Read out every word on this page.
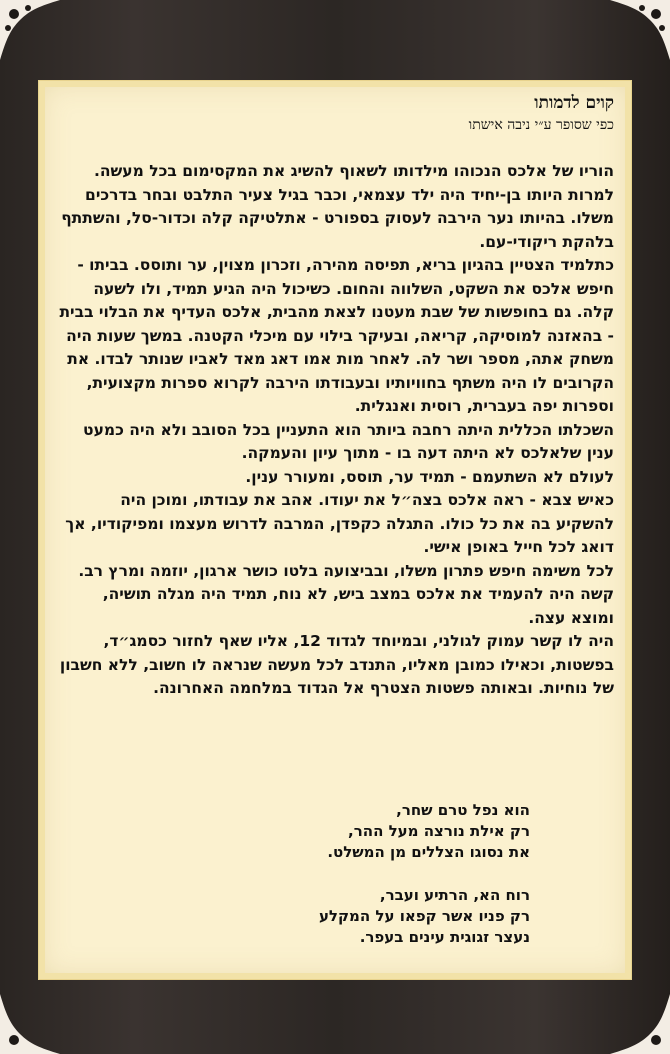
קוים לדמותו

כפי שסופר ע״י ניבה אישתו

הוריו של אלכס הנכוהו מילדותו לשאוף להשיג את המקסימום בכל מעשה. למרות היותו בן-יחיד היה ילד עצמאי, וכבר בגיל צעיר התלבט ובחר בדרכים משלו. בהיותו נער הירבה לעסוק בספורט - אתלטיקה קלה וכדור-סל, והשתתף בלהקת ריקודי-עם.

כתלמיד הצטיין בהגיון בריא, תפיסה מהירה, וזכרון מצוין, ער ותוסס. בביתו - חיפש אלכס את השקט, השלווה והחום. כשיכול היה הגיע תמיד, ולו לשעה קלה. גם בחופשות של שבת מעטנו לצאת מהבית, אלכס העדיף את הבלוי בבית - בהאזנה למוסיקה, קריאה, ובעיקר בילוי עם מיכלי הקטנה. במשך שעות היה משחק אתה, מספר ושר לה. לאחר מות אמו דאג מאד לאביו שנותר לבדו. את הקרובים לו היה משתף בחוויותיו ובעבודתו הירבה לקרוא ספרות מקצועית, וספרות יפה בעברית, רוסית ואנגלית.

השכלתו הכללית היתה רחבה ביותר הוא התעניין בכל הסובב ולא היה כמעט ענין שלאלכס לא היתה דעה בו - מתוך עיון והעמקה.

לעולם לא השתעמם - תמיד ער, תוסס, ומעורר ענין.

כאיש צבא - ראה אלכס בצה״ל את יעודו. אהב את עבודתו, ומוכן היה להשקיע בה את כל כולו. התגלה כקפדן, המרבה לדרוש מעצמו ומפיקודיו, אך דואג לכל חייל באופן אישי.

לכל משימה חיפש פתרון משלו, ובביצועה בלטו כושר ארגון, יוזמה ומרץ רב.

קשה היה להעמיד את אלכס במצב ביש, לא נוח, תמיד היה מגלה תושיה, ומוצא עצה.

היה לו קשר עמוק לגולני, ובמיוחד לגדוד 12, אליו שאף לחזור כסמג״ד, בפשטות, וכאילו כמובן מאליו, התנדב לכל מעשה שנראה לו חשוב, ללא חשבון של נוחיות. ובאותה פשטות הצטרף אל הגדוד במלחמה האחרונה.

הוא נפל טרם שחר,

רק אילת נורצה מעל ההר,

את נסוגו הצללים מן המשלט.

רוח הא, הרתיע ועבר,

רק פניו אשר קפאו על המקלע

נעצר זגוגית עינים בעפר.
